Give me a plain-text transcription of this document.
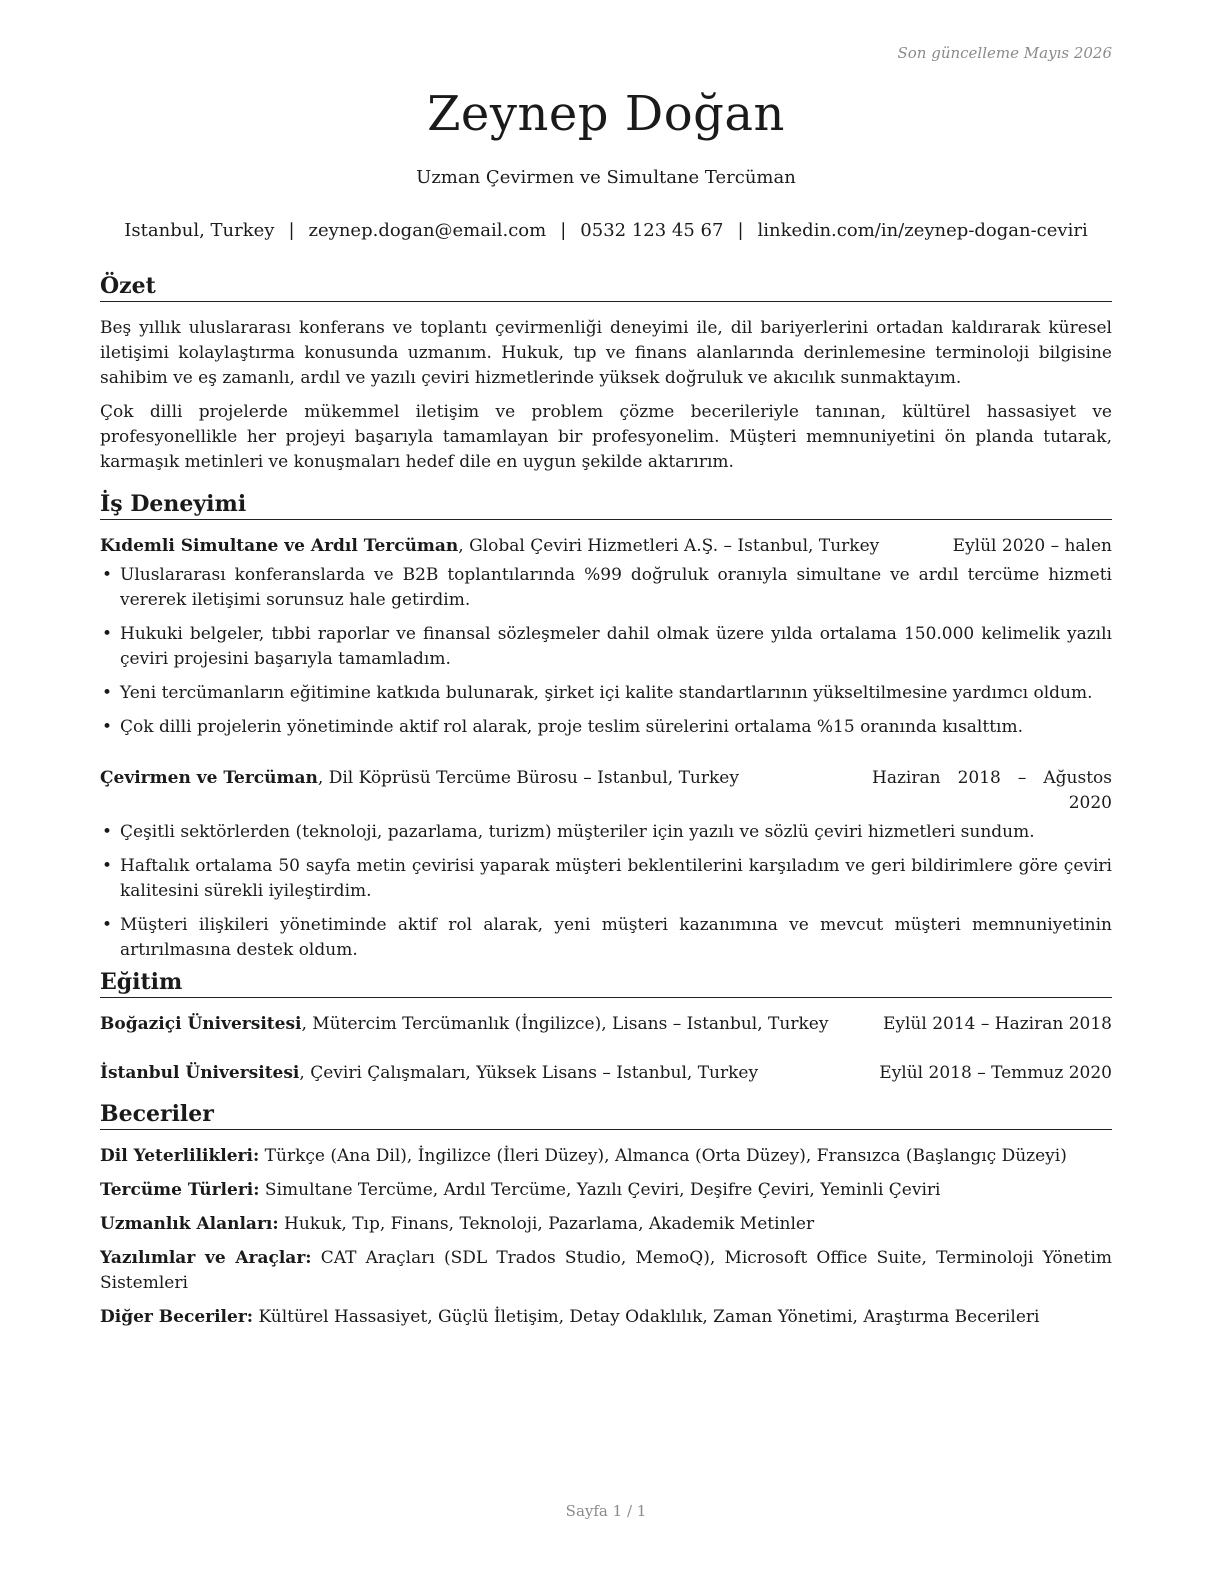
Son güncelleme Mayıs 2026
Zeynep Doğan
Uzman Çevirmen ve Simultane Tercüman
Istanbul, Turkey | zeynep.dogan@email.com | 0532 123 45 67 | linkedin.com/in/zeynep-dogan-ceviri
Özet

Beş yıllık uluslararası konferans ve toplantı çevirmenliği deneyimi ile, dil bariyerlerini ortadan kaldırarak küresel iletişimi kolaylaştırma konusunda uzmanım. Hukuk, tıp ve finans alanlarında derinlemesine terminoloji bilgisine sahibim ve eş zamanlı, ardıl ve yazılı çeviri hizmetlerinde yüksek doğruluk ve akıcılık sunmaktayım.

Çok dilli projelerde mükemmel iletişim ve problem çözme becerileriyle tanınan, kültürel hassasiyet ve profesyonellikle her projeyi başarıyla tamamlayan bir profesyonelim. Müşteri memnuniyetini ön planda tutarak, karmaşık metinleri ve konuşmaları hedef dile en uygun şekilde aktarırım.

İş Deneyimi
Kıdemli Simultane ve Ardıl Tercüman, Global Çeviri Hizmetleri A.Ş. – Istanbul, Turkey	Eylül 2020 – halen
• Uluslararası konferanslarda ve B2B toplantılarında %99 doğruluk oranıyla simultane ve ardıl tercüme hizmeti vererek iletişimi sorunsuz hale getirdim.
• Hukuki belgeler, tıbbi raporlar ve finansal sözleşmeler dahil olmak üzere yılda ortalama 150.000 kelimelik yazılı çeviri projesini başarıyla tamamladım.
• Yeni tercümanların eğitimine katkıda bulunarak, şirket içi kalite standartlarının yükseltilmesine yardımcı oldum.
• Çok dilli projelerin yönetiminde aktif rol alarak, proje teslim sürelerini ortalama %15 oranında kısalttım.
Çevirmen ve Tercüman, Dil Köprüsü Tercüme Bürosu – Istanbul, Turkey	Haziran 2018 – Ağustos 2020
• Çeşitli sektörlerden (teknoloji, pazarlama, turizm) müşteriler için yazılı ve sözlü çeviri hizmetleri sundum.
• Haftalık ortalama 50 sayfa metin çevirisi yaparak müşteri beklentilerini karşıladım ve geri bildirimlere göre çeviri kalitesini sürekli iyileştirdim.
• Müşteri ilişkileri yönetiminde aktif rol alarak, yeni müşteri kazanımına ve mevcut müşteri memnuniyetinin artırılmasına destek oldum.
Eğitim
Boğaziçi Üniversitesi, Mütercim Tercümanlık (İngilizce), Lisans – Istanbul, Turkey	Eylül 2014 – Haziran 2018
İstanbul Üniversitesi, Çeviri Çalışmaları, Yüksek Lisans – Istanbul, Turkey	Eylül 2018 – Temmuz 2020
Beceriler

Dil Yeterlilikleri: Türkçe (Ana Dil), İngilizce (İleri Düzey), Almanca (Orta Düzey), Fransızca (Başlangıç Düzeyi)

Tercüme Türleri: Simultane Tercüme, Ardıl Tercüme, Yazılı Çeviri, Deşifre Çeviri, Yeminli Çeviri

Uzmanlık Alanları: Hukuk, Tıp, Finans, Teknoloji, Pazarlama, Akademik Metinler

Yazılımlar ve Araçlar: CAT Araçları (SDL Trados Studio, MemoQ), Microsoft Office Suite, Terminoloji Yönetim Sistemleri

Diğer Beceriler: Kültürel Hassasiyet, Güçlü İletişim, Detay Odaklılık, Zaman Yönetimi, Araştırma Becerileri

Sayfa 1 / 1
